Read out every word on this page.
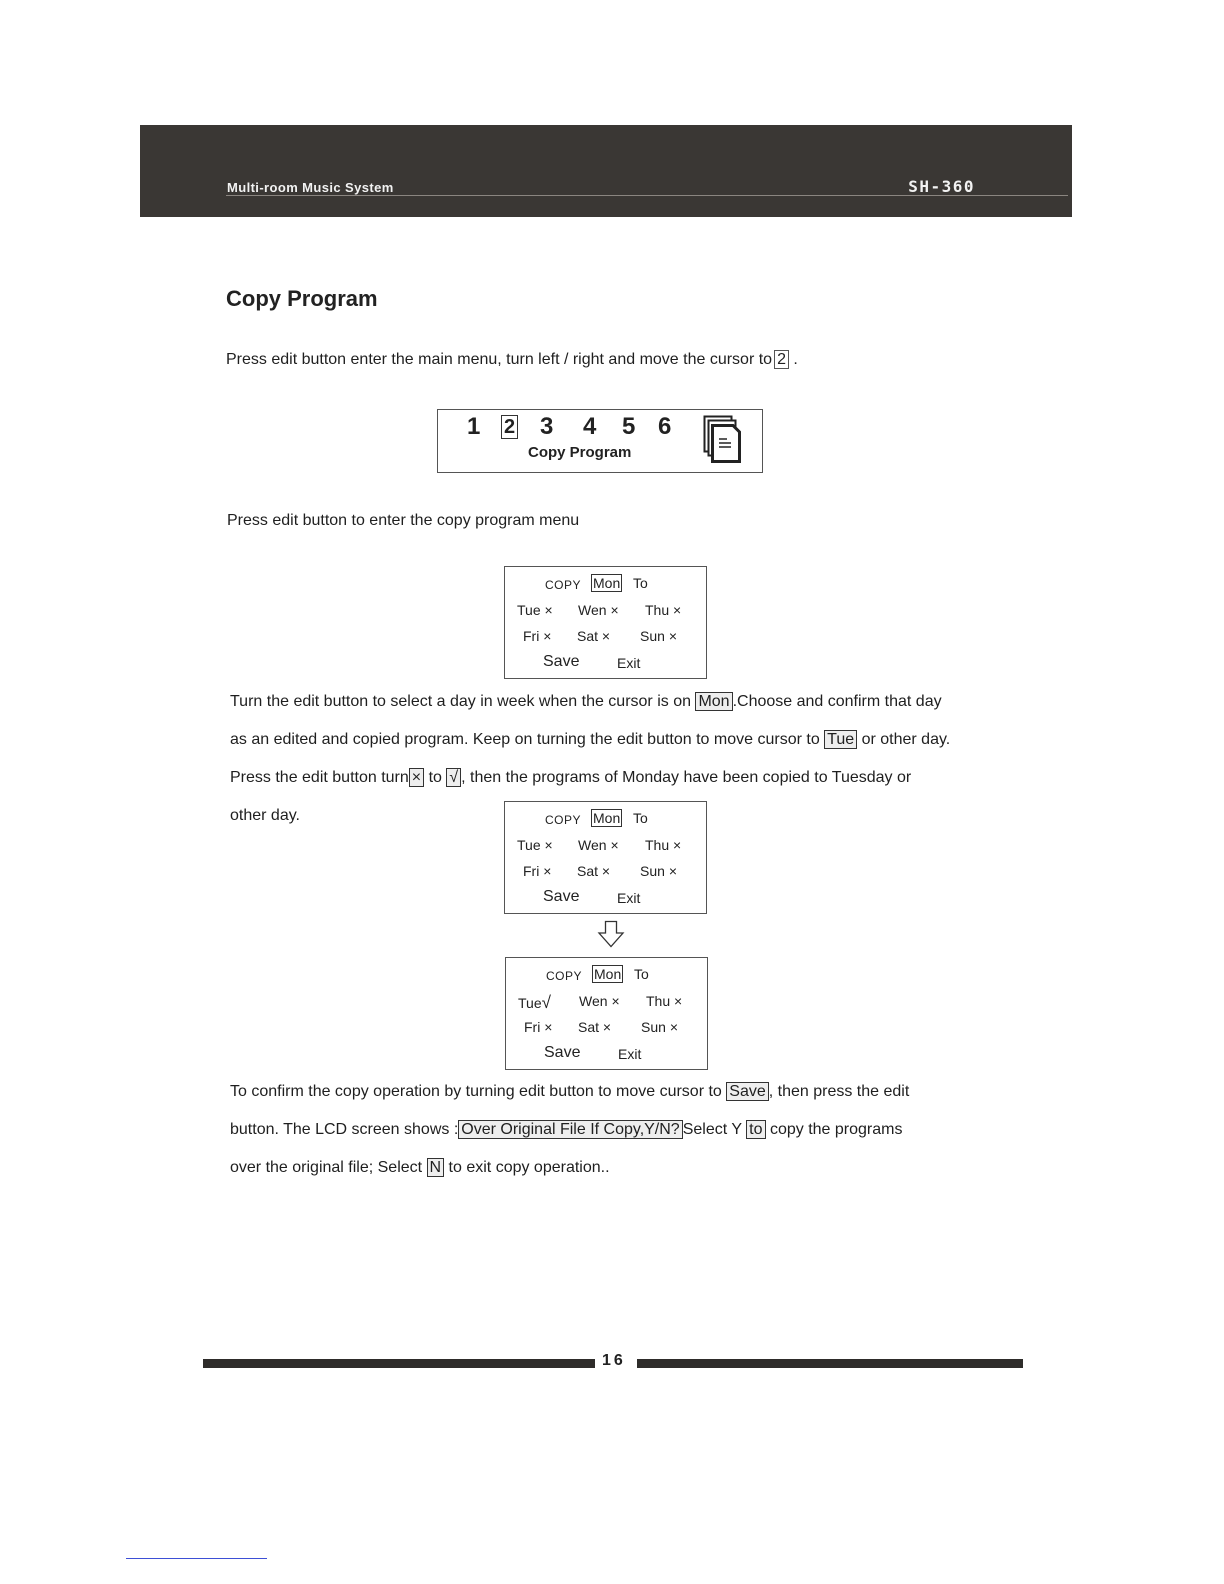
Multi-room Music System	SH-360
Copy Program
Press edit button enter the main menu, turn left / right and move the cursor to 2 .
1 2 3 4 5 6
Copy Program
Press edit button to enter the copy program menu
COPY Mon To
Tue × Wen × Thu ×
Fri × Sat × Sun ×
Save	Exit
Turn the edit button to select a day in week when the cursor is on Mon .Choose and confirm that day
as an edited and copied program. Keep on turning the edit button to move cursor to Tue or other day.
Press the edit button turn × to √ , then the programs of Monday have been copied to Tuesday or
other day.	COPY Mon To
Tue × Wen × Thu ×
Fri × Sat × Sun ×
Save	Exit
COPY Mon To
Tue√ Wen × Thu ×
Fri × Sat × Sun ×
Save	Exit
To confirm the copy operation by turning edit button to move cursor to Save , then press the edit
button. The LCD screen shows : Over Original File If Copy,Y/N? Select Y to copy the programs
over the original file; Select N to exit copy operation..
16
